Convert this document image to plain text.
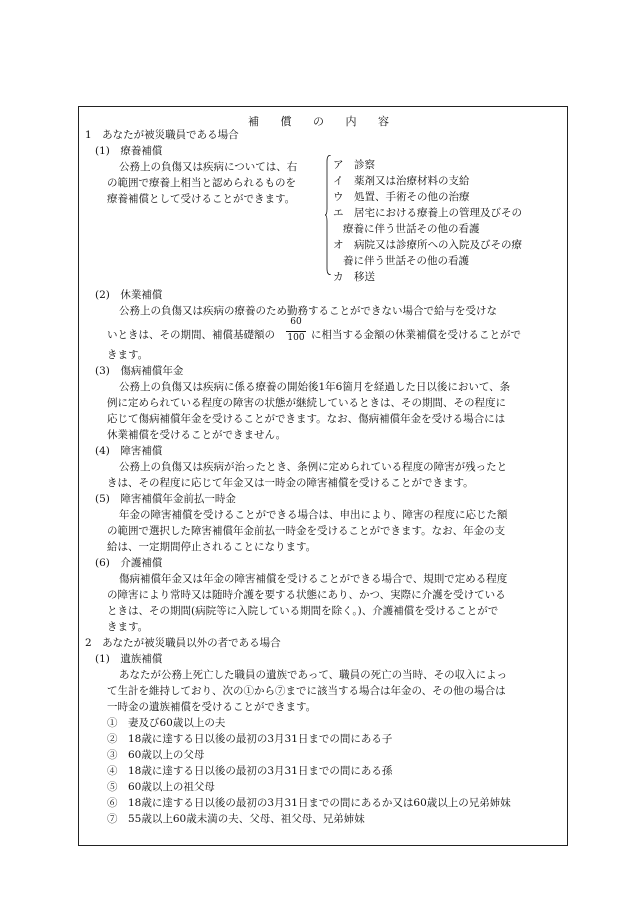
補 償 の 内 容
1　あなたが被災職員である場合
(1)　療養補償
公務上の負傷又は疾病については、右
の範囲で療養上相当と認められるものを
療養補償として受けることができます。
ア　診察
イ　薬剤又は治療材料の支給
ウ　処置、手術その他の治療
エ　居宅における療養上の管理及びその
療養に伴う世話その他の看護
オ　病院又は診療所への入院及びその療
養に伴う世話その他の看護
カ　移送
(2)　休業補償
公務上の負傷又は疾病の療養のため勤務することができない場合で給与を受けな
いときは、その期間、補償基礎額の
60
100 に相当する金額の休業補償を受けることがで
きます。
(3)　傷病補償年金
公務上の負傷又は疾病に係る療養の開始後1年6箇月を経過した日以後において、条
例に定められている程度の障害の状態が継続しているときは、その期間、その程度に
応じて傷病補償年金を受けることができます。なお、傷病補償年金を受ける場合には
休業補償を受けることができません。
(4)　障害補償
公務上の負傷又は疾病が治ったとき、条例に定められている程度の障害が残ったと
きは、その程度に応じて年金又は一時金の障害補償を受けることができます。
(5)　障害補償年金前払一時金
年金の障害補償を受けることができる場合は、申出により、障害の程度に応じた額
の範囲で選択した障害補償年金前払一時金を受けることができます。なお、年金の支
給は、一定期間停止されることになります。
(6)　介護補償
傷病補償年金又は年金の障害補償を受けることができる場合で、規則で定める程度
の障害により常時又は随時介護を要する状態にあり、かつ、実際に介護を受けている
ときは、その期間(病院等に入院している期間を除く。)、介護補償を受けることがで
きます。
2　あなたが被災職員以外の者である場合
(1)　遺族補償
あなたが公務上死亡した職員の遺族であって、職員の死亡の当時、その収入によっ
て生計を維持しており、次の①から⑦までに該当する場合は年金の、その他の場合は
一時金の遺族補償を受けることができます。
①　妻及び60歳以上の夫
②　18歳に達する日以後の最初の3月31日までの間にある子
③　60歳以上の父母
④　18歳に達する日以後の最初の3月31日までの間にある孫
⑤　60歳以上の祖父母
⑥　18歳に達する日以後の最初の3月31日までの間にあるか又は60歳以上の兄弟姉妹
⑦　55歳以上60歳未満の夫、父母、祖父母、兄弟姉妹
